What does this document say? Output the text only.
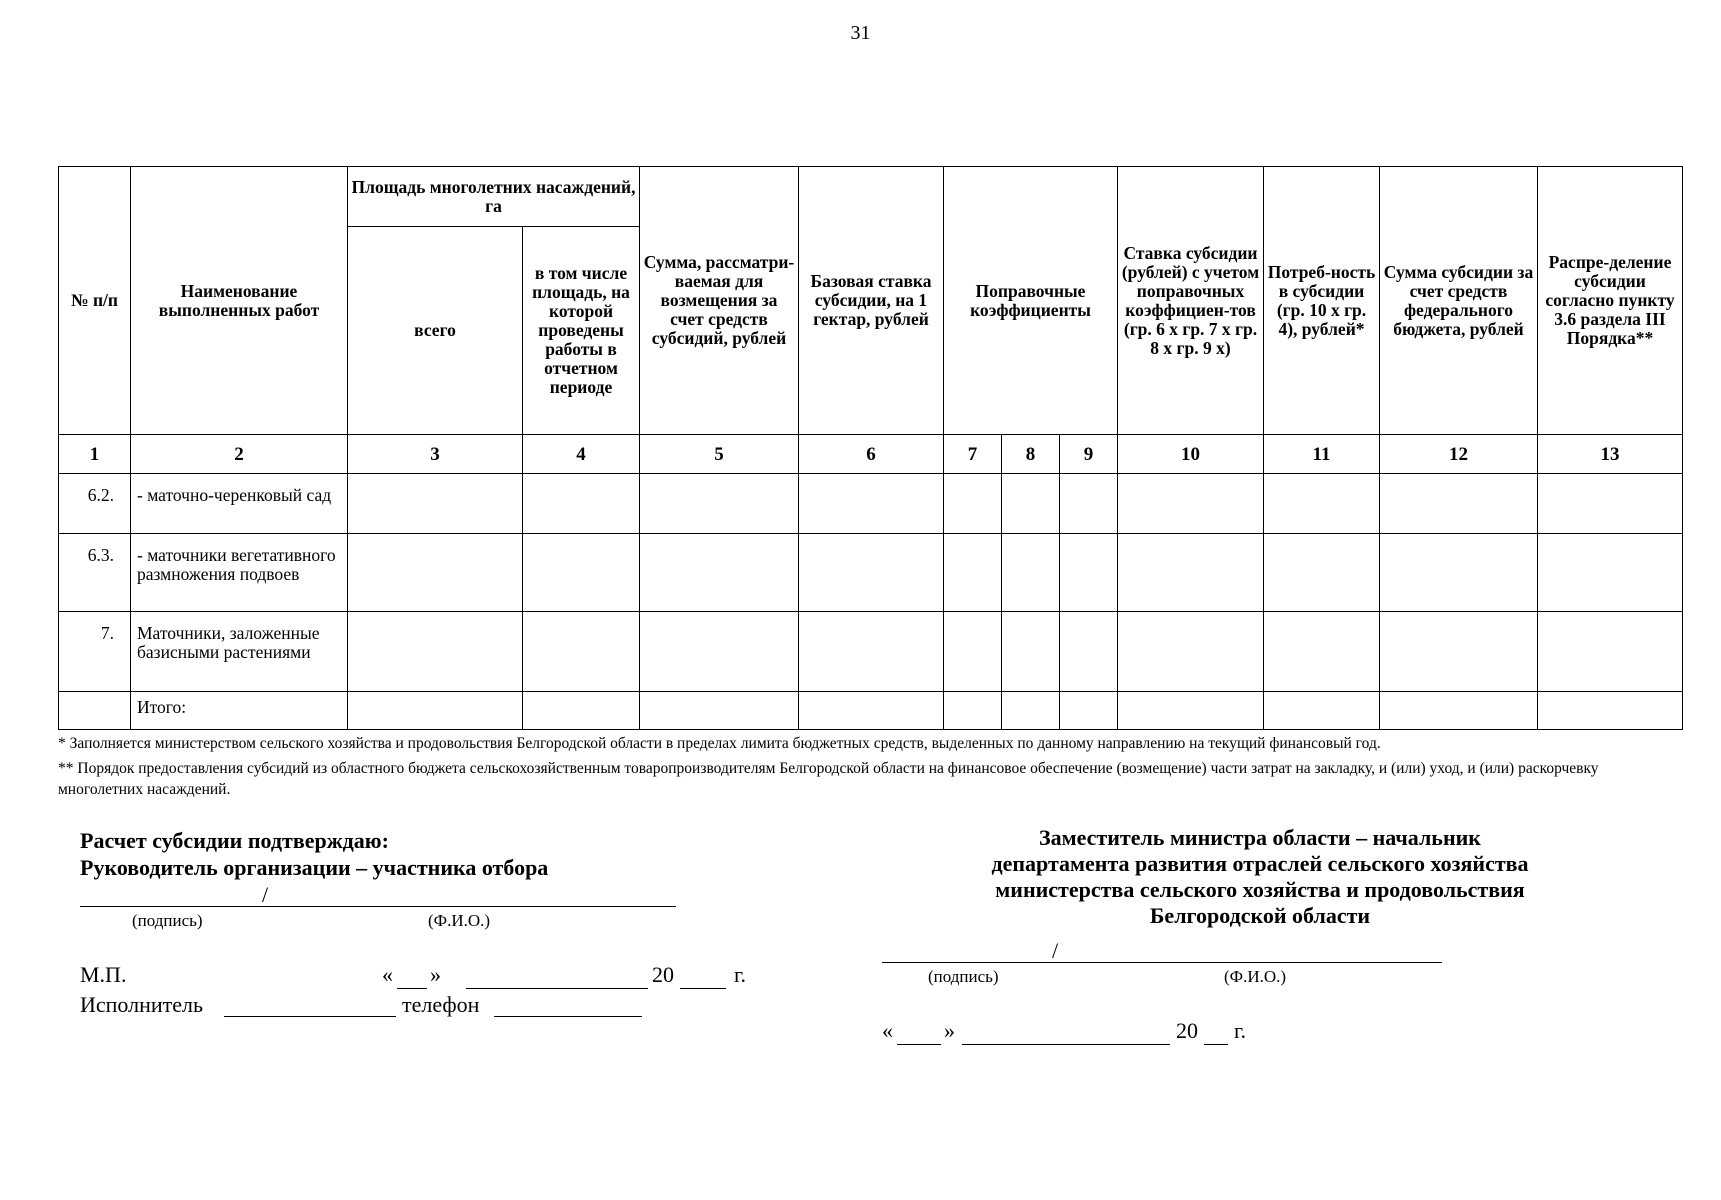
31
№ п/п	Наименование выполненных работ	Площадь многолетних насаждений, га		Сумма, рассматри-ваемая для возмещения за счет средств субсидий, рублей	Базовая ставка субсидии, на 1 гектар, рублей	Поправочные коэффициенты			Ставка субсидии (рублей) с учетом поправочных коэффициен-тов (гр. 6 х гр. 7 х гр. 8 х гр. 9 х)	Потреб-ность в субсидии (гр. 10 х гр. 4), рублей*	Сумма субсидии за счет средств федерального бюджета, рублей	Распре-деление субсидии согласно пункту 3.6 раздела III Порядка**
		всего	в том числе площадь, на которой проведены работы в отчетном периоде									
1	2	3	4	5	6	7	8	9	10	11	12	13
6.2.	- маточно-черенковый сад											
6.3.	- маточники вегетативного размножения подвоев											
7.	Маточники, заложенные базисными растениями											
	Итого:											
* Заполняется министерством сельского хозяйства и продовольствия Белгородской области в пределах лимита бюджетных средств, выделенных по данному направлению на текущий финансовый год.
** Порядок предоставления субсидий из областного бюджета сельскохозяйственным товаропроизводителям Белгородской области на финансовое обеспечение (возмещение) части затрат на закладку, и (или) уход, и (или) раскорчевку многолетних насаждений.
Расчет субсидии подтверждаю:
Руководитель организации – участника отбора
/
(подпись)	(Ф.И.О.)
М.П.	« »	20	г.
Исполнитель	телефон
Заместитель министра области – начальник
департамента развития отраслей сельского хозяйства
министерства сельского хозяйства и продовольствия
Белгородской области
/
(подпись)	(Ф.И.О.)
« »	20 г.
